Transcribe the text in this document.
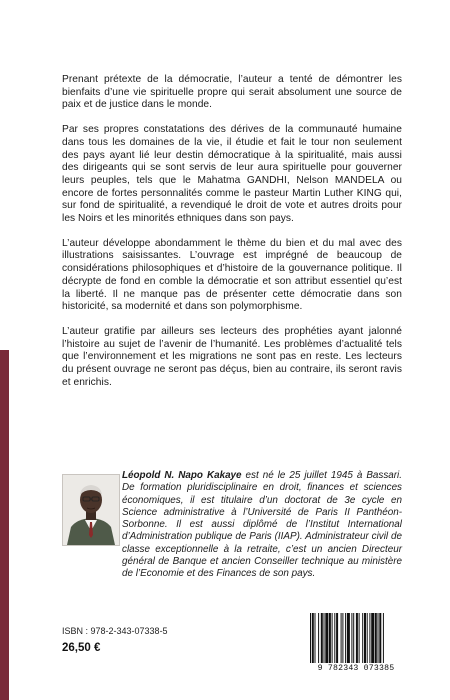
Prenant prétexte de la démocratie, l’auteur a tenté de démontrer les bienfaits d’une vie spirituelle propre qui serait absolument une source de paix et de justice dans le monde.

Par ses propres constatations des dérives de la communauté humaine dans tous les domaines de la vie, il étudie et fait le tour non seulement des pays ayant lié leur destin démocratique à la spiritualité, mais aussi des dirigeants qui se sont servis de leur aura spirituelle pour gouverner leurs peuples, tels que le Mahatma GANDHI, Nelson MANDELA ou encore de fortes personnalités comme le pasteur Martin Luther KING qui, sur fond de spiritualité, a revendiqué le droit de vote et autres droits pour les Noirs et les minorités ethniques dans son pays.

L’auteur développe abondamment le thème du bien et du mal avec des illustrations saisissantes. L’ouvrage est imprégné de beaucoup de considérations philosophiques et d’histoire de la gouvernance politique. Il décrypte de fond en comble la démocratie et son attribut essentiel qu’est la liberté. Il ne manque pas de présenter cette démocratie dans son historicité, sa modernité et dans son polymorphisme.

L’auteur gratifie par ailleurs ses lecteurs des prophéties ayant jalonné l’histoire au sujet de l’avenir de l’humanité. Les problèmes d’actualité tels que l’environnement et les migrations ne sont pas en reste. Les lecteurs du présent ouvrage ne seront pas déçus, bien au contraire, ils seront ravis et enrichis.

Léopold N. Napo Kakaye est né le 25 juillet 1945 à Bassari. De formation pluridisciplinaire en droit, finances et sciences économiques, il est titulaire d’un doctorat de 3e cycle en Science administrative à l’Université de Paris II Panthéon-Sorbonne. Il est aussi diplômé de l’Institut International d’Administration publique de Paris (IIAP). Administrateur civil de classe exceptionnelle à la retraite, c’est un ancien Directeur général de Banque et ancien Conseiller technique au ministère de l’Economie et des Finances de son pays.
ISBN : 978-2-343-07338-5
26,50 €
9 782343 073385
